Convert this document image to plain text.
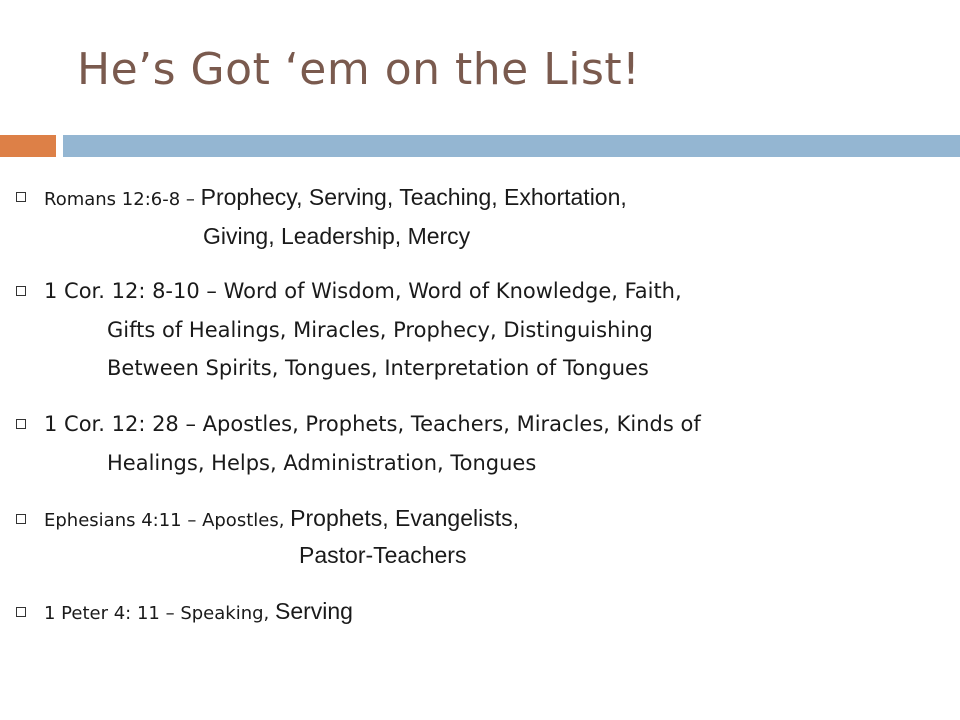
He’s Got ‘em on the List!
Romans 12:6-8 – Prophecy, Serving, Teaching, Exhortation,
Giving, Leadership, Mercy
1 Cor. 12: 8-10 – Word of Wisdom, Word of Knowledge, Faith,
Gifts of Healings, Miracles, Prophecy, Distinguishing
Between Spirits, Tongues, Interpretation of Tongues
1 Cor. 12: 28 – Apostles, Prophets, Teachers, Miracles, Kinds of
Healings, Helps, Administration, Tongues
Ephesians 4:11 – Apostles, Prophets, Evangelists,
Pastor-Teachers
1 Peter 4: 11 – Speaking, Serving
